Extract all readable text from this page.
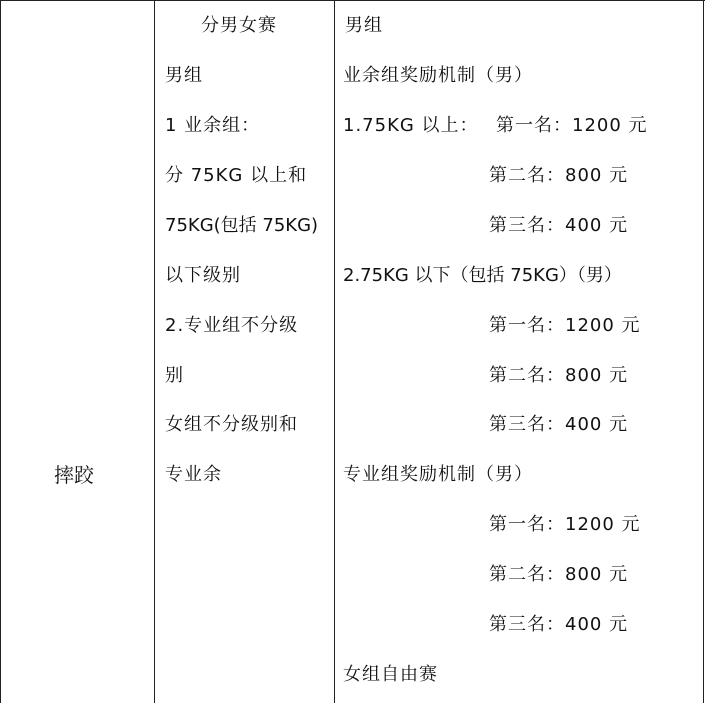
摔跤
分男女赛
男组
1 业余组：
分 75KG 以上和
75KG(包括 75KG)
以下级别
2.专业组不分级
别
女组不分级别和
专业余
男组
业余组奖励机制（男）
1.75KG 以上： 第一名：1200 元
第二名：800 元
第三名：400 元
2.75KG 以下（包括 75KG）（男）
第一名：1200 元
第二名：800 元
第三名：400 元
专业组奖励机制（男）
第一名：1200 元
第二名：800 元
第三名：400 元
女组自由赛
